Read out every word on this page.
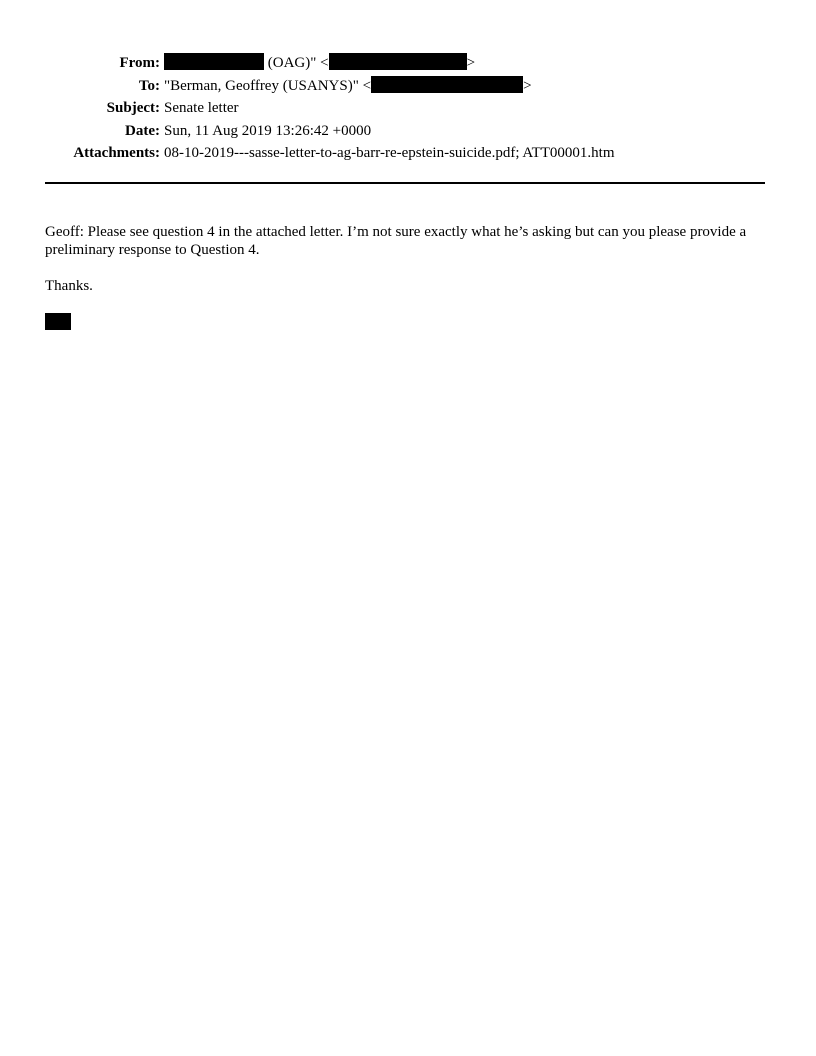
From:	(OAG)" <	>
To: "Berman, Geoffrey (USANYS)" <	>
Subject: Senate letter
Date: Sun, 11 Aug 2019 13:26:42 +0000
Attachments: 08-10-2019---sasse-letter-to-ag-barr-re-epstein-suicide.pdf; ATT00001.htm

Geoff: Please see question 4 in the attached letter. I’m not sure exactly what he’s asking but can you please provide a preliminary response to Question 4.

Thanks.
